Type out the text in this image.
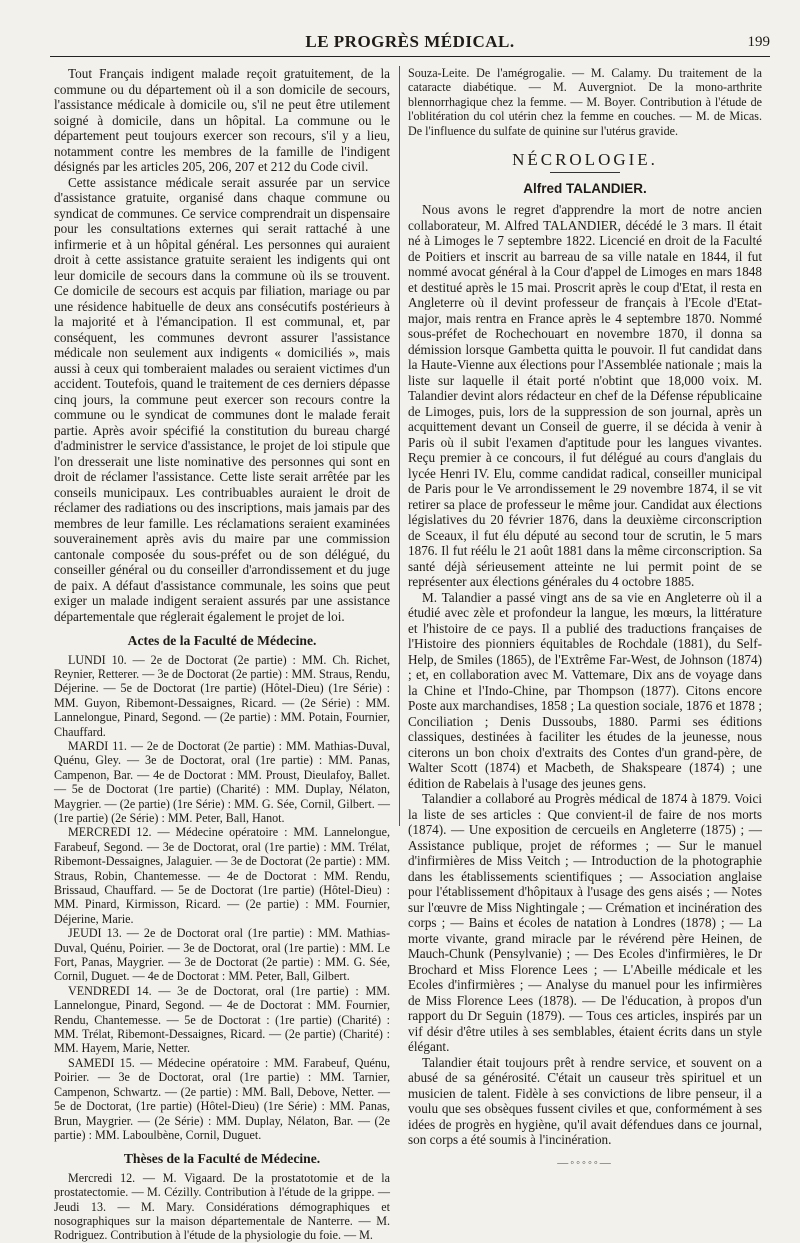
LE PROGRÈS MÉDICAL.	199

Tout Français indigent malade reçoit gratuitement, de la commune ou du département où il a son domicile de secours, l'assistance médicale à domicile ou, s'il ne peut être utilement soigné à domicile, dans un hôpital. La commune ou le département peut toujours exercer son recours, s'il y a lieu, notamment contre les membres de la famille de l'indigent désignés par les articles 205, 206, 207 et 212 du Code civil.

Cette assistance médicale serait assurée par un service d'assistance gratuite, organisé dans chaque commune ou syndicat de communes. Ce service comprendrait un dispensaire pour les consultations externes qui serait rattaché à une infirmerie et à un hôpital général. Les personnes qui auraient droit à cette assistance gratuite seraient les indigents qui ont leur domicile de secours dans la commune où ils se trouvent. Ce domicile de secours est acquis par filiation, mariage ou par une résidence habituelle de deux ans consécutifs postérieurs à la majorité et à l'émancipation. Il est communal, et, par conséquent, les communes devront assurer l'assistance médicale non seulement aux indigents « domiciliés », mais aussi à ceux qui tomberaient malades ou seraient victimes d'un accident. Toutefois, quand le traitement de ces derniers dépasse cinq jours, la commune peut exercer son recours contre la commune ou le syndicat de communes dont le malade ferait partie. Après avoir spécifié la constitution du bureau chargé d'administrer le service d'assistance, le projet de loi stipule que l'on dresserait une liste nominative des personnes qui sont en droit de réclamer l'assistance. Cette liste serait arrêtée par les conseils municipaux. Les contribuables auraient le droit de réclamer des radiations ou des inscriptions, mais jamais par des membres de leur famille. Les réclamations seraient examinées souverainement après avis du maire par une commission cantonale composée du sous-préfet ou de son délégué, du conseiller général ou du conseiller d'arrondissement et du juge de paix. A défaut d'assistance communale, les soins que peut exiger un malade indigent seraient assurés par une assistance départementale que réglerait également le projet de loi.

Actes de la Faculté de Médecine.

LUNDI 10. — 2e de Doctorat (2e partie) : MM. Ch. Richet, Reynier, Retterer. — 3e de Doctorat (2e partie) : MM. Straus, Rendu, Déjerine. — 5e de Doctorat (1re partie) (Hôtel-Dieu) (1re Série) : MM. Guyon, Ribemont-Dessaignes, Ricard. — (2e Série) : MM. Lannelongue, Pinard, Segond. — (2e partie) : MM. Potain, Fournier, Chauffard.

MARDI 11. — 2e de Doctorat (2e partie) : MM. Mathias-Duval, Quénu, Gley. — 3e de Doctorat, oral (1re partie) : MM. Panas, Campenon, Bar. — 4e de Doctorat : MM. Proust, Dieulafoy, Ballet. — 5e de Doctorat (1re partie) (Charité) : MM. Duplay, Nélaton, Maygrier. — (2e partie) (1re Série) : MM. G. Sée, Cornil, Gilbert. — (1re partie) (2e Série) : MM. Peter, Ball, Hanot.

MERCREDI 12. — Médecine opératoire : MM. Lannelongue, Farabeuf, Segond. — 3e de Doctorat, oral (1re partie) : MM. Trélat, Ribemont-Dessaignes, Jalaguier. — 3e de Doctorat (2e partie) : MM. Straus, Robin, Chantemesse. — 4e de Doctorat : MM. Rendu, Brissaud, Chauffard. — 5e de Doctorat (1re partie) (Hôtel-Dieu) : MM. Pinard, Kirmisson, Ricard. — (2e partie) : MM. Fournier, Déjerine, Marie.

JEUDI 13. — 2e de Doctorat oral (1re partie) : MM. Mathias-Duval, Quénu, Poirier. — 3e de Doctorat, oral (1re partie) : MM. Le Fort, Panas, Maygrier. — 3e de Doctorat (2e partie) : MM. G. Sée, Cornil, Duguet. — 4e de Doctorat : MM. Peter, Ball, Gilbert.

VENDREDI 14. — 3e de Doctorat, oral (1re partie) : MM. Lannelongue, Pinard, Segond. — 4e de Doctorat : MM. Fournier, Rendu, Chantemesse. — 5e de Doctorat : (1re partie) (Charité) : MM. Trélat, Ribemont-Dessaignes, Ricard. — (2e partie) (Charité) : MM. Hayem, Marie, Netter.

SAMEDI 15. — Médecine opératoire : MM. Farabeuf, Quénu, Poirier. — 3e de Doctorat, oral (1re partie) : MM. Tarnier, Campenon, Schwartz. — (2e partie) : MM. Ball, Debove, Netter. — 5e de Doctorat, (1re partie) (Hôtel-Dieu) (1re Série) : MM. Panas, Brun, Maygrier. — (2e Série) : MM. Duplay, Nélaton, Bar. — (2e partie) : MM. Laboulbène, Cornil, Duguet.

Thèses de la Faculté de Médecine.

Mercredi 12. — M. Vigaard. De la prostatotomie et de la prostatectomie. — M. Cézilly. Contribution à l'étude de la grippe. — Jeudi 13. — M. Mary. Considérations démographiques et nosographiques sur la maison départementale de Nanterre. — M. Rodriguez. Contribution à l'étude de la physiologie du foie. — M.

Souza-Leite. De l'amégrogalie. — M. Calamy. Du traitement de la cataracte diabétique. — M. Auvergniot. De la mono-arthrite blennorrhagique chez la femme. — M. Boyer. Contribution à l'étude de l'oblitération du col utérin chez la femme en couches. — M. de Micas. De l'influence du sulfate de quinine sur l'utérus gravide.

NÉCROLOGIE.
Alfred TALANDIER.

Nous avons le regret d'apprendre la mort de notre ancien collaborateur, M. Alfred TALANDIER, décédé le 3 mars. Il était né à Limoges le 7 septembre 1822. Licencié en droit de la Faculté de Poitiers et inscrit au barreau de sa ville natale en 1844, il fut nommé avocat général à la Cour d'appel de Limoges en mars 1848 et destitué après le 15 mai. Proscrit après le coup d'Etat, il resta en Angleterre où il devint professeur de français à l'Ecole d'Etat-major, mais rentra en France après le 4 septembre 1870. Nommé sous-préfet de Rochechouart en novembre 1870, il donna sa démission lorsque Gambetta quitta le pouvoir. Il fut candidat dans la Haute-Vienne aux élections pour l'Assemblée nationale ; mais la liste sur laquelle il était porté n'obtint que 18,000 voix. M. Talandier devint alors rédacteur en chef de la Défense républicaine de Limoges, puis, lors de la suppression de son journal, après un acquittement devant un Conseil de guerre, il se décida à venir à Paris où il subit l'examen d'aptitude pour les langues vivantes. Reçu premier à ce concours, il fut délégué au cours d'anglais du lycée Henri IV. Elu, comme candidat radical, conseiller municipal de Paris pour le Ve arrondissement le 29 novembre 1874, il se vit retirer sa place de professeur le même jour. Candidat aux élections législatives du 20 février 1876, dans la deuxième circonscription de Sceaux, il fut élu député au second tour de scrutin, le 5 mars 1876. Il fut réélu le 21 août 1881 dans la même circonscription. Sa santé déjà sérieusement atteinte ne lui permit point de se représenter aux élections générales du 4 octobre 1885.

M. Talandier a passé vingt ans de sa vie en Angleterre où il a étudié avec zèle et profondeur la langue, les mœurs, la littérature et l'histoire de ce pays. Il a publié des traductions françaises de l'Histoire des pionniers équitables de Rochdale (1881), du Self-Help, de Smiles (1865), de l'Extrême Far-West, de Johnson (1874) ; et, en collaboration avec M. Vattemare, Dix ans de voyage dans la Chine et l'Indo-Chine, par Thompson (1877). Citons encore Poste aux marchandises, 1858 ; La question sociale, 1876 et 1878 ; Conciliation ; Denis Dussoubs, 1880. Parmi ses éditions classiques, destinées à faciliter les études de la jeunesse, nous citerons un bon choix d'extraits des Contes d'un grand-père, de Walter Scott (1874) et Macbeth, de Shakspeare (1874) ; une édition de Rabelais à l'usage des jeunes gens.

Talandier a collaboré au Progrès médical de 1874 à 1879. Voici la liste de ses articles : Que convient-il de faire de nos morts (1874). — Une exposition de cercueils en Angleterre (1875) ; — Assistance publique, projet de réformes ; — Sur le manuel d'infirmières de Miss Veitch ; — Introduction de la photographie dans les établissements scientifiques ; — Association anglaise pour l'établissement d'hôpitaux à l'usage des gens aisés ; — Notes sur l'œuvre de Miss Nightingale ; — Crémation et incinération des corps ; — Bains et écoles de natation à Londres (1878) ; — La morte vivante, grand miracle par le révérend père Heinen, de Mauch-Chunk (Pensylvanie) ; — Des Ecoles d'infirmières, le Dr Brochard et Miss Florence Lees ; — L'Abeille médicale et les Ecoles d'infirmières ; — Analyse du manuel pour les infirmières de Miss Florence Lees (1878). — De l'éducation, à propos d'un rapport du Dr Seguin (1879). — Tous ces articles, inspirés par un vif désir d'être utiles à ses semblables, étaient écrits dans un style élégant.

Talandier était toujours prêt à rendre service, et souvent on a abusé de sa générosité. C'était un causeur très spirituel et un musicien de talent. Fidèle à ses convictions de libre penseur, il a voulu que ses obsèques fussent civiles et que, conformément à ses idées de progrès en hygiène, qu'il avait défendues dans ce journal, son corps a été soumis à l'incinération.

—◦◦◦◦◦—
